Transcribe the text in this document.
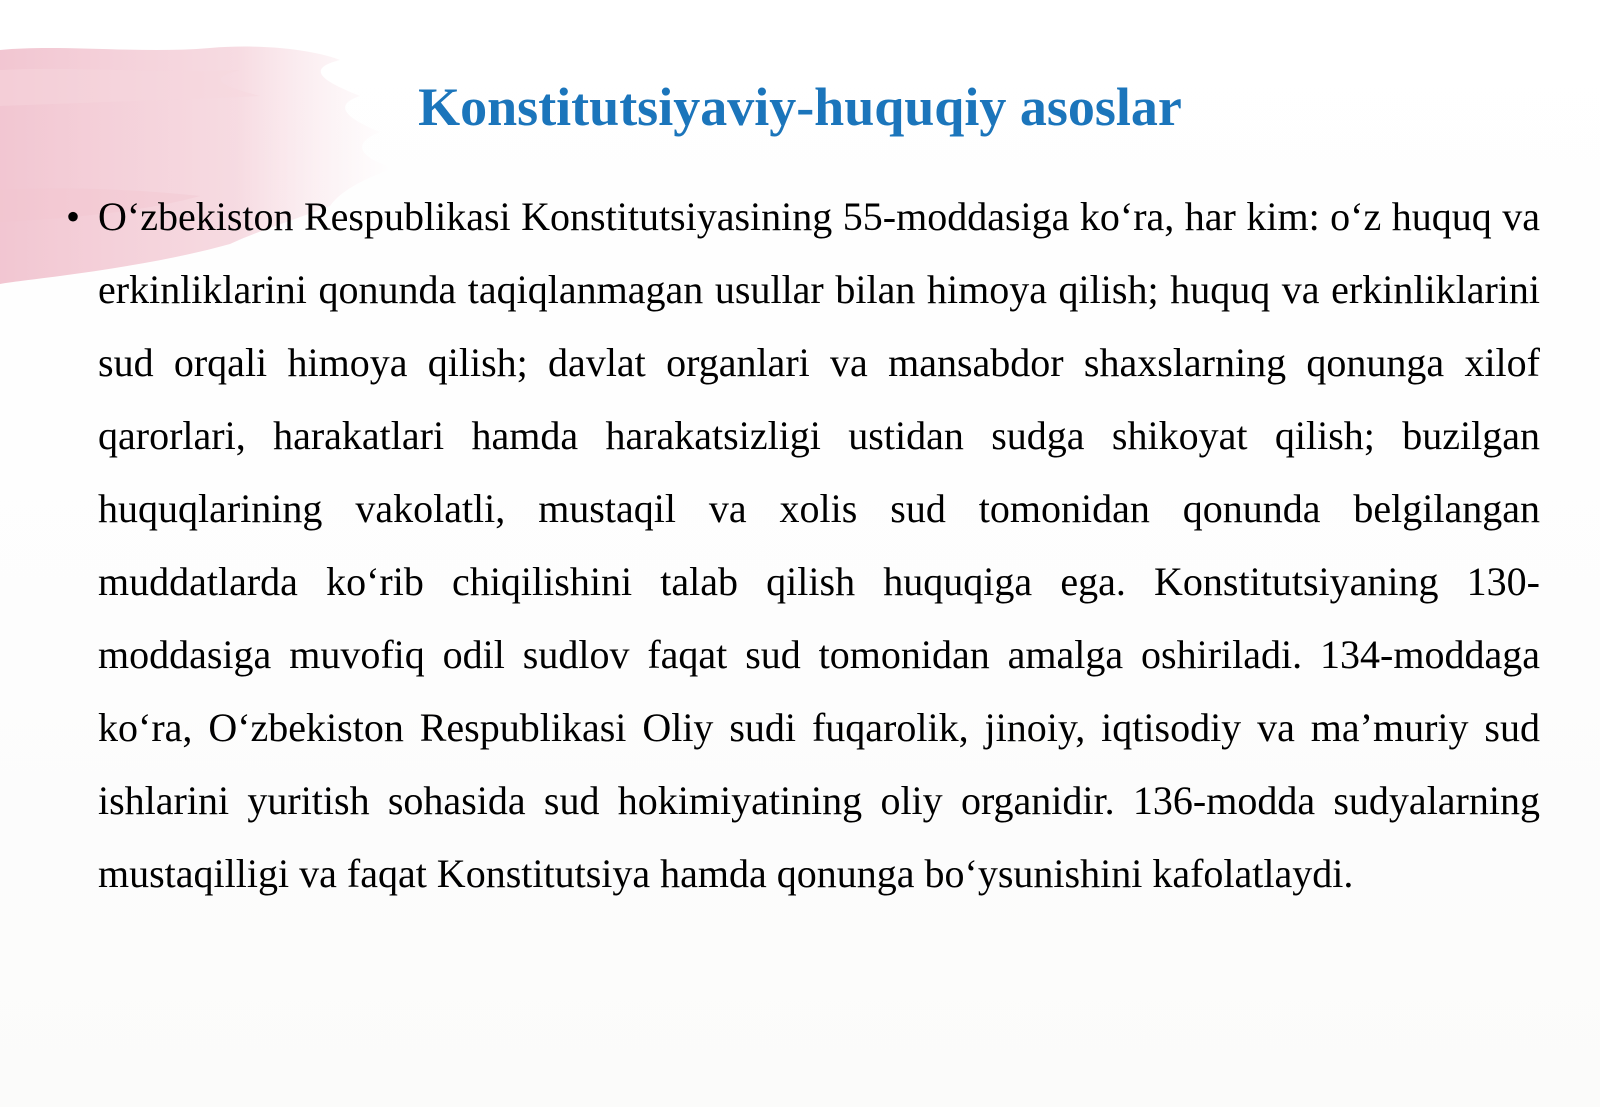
Konstitutsiyaviy-huquqiy asoslar
• O‘zbekiston Respublikasi Konstitutsiyasining 55-moddasiga ko‘ra, har kim: o‘z huquq va erkinliklarini qonunda taqiqlanmagan usullar bilan himoya qilish; huquq va erkinliklarini sud orqali himoya qilish; davlat organlari va mansabdor shaxslarning qonunga xilof qarorlari, harakatlari hamda harakatsizligi ustidan sudga shikoyat qilish; buzilgan huquqlarining vakolatli, mustaqil va xolis sud tomonidan qonunda belgilangan muddatlarda ko‘rib chiqilishini talab qilish huquqiga ega. Konstitutsiyaning 130-moddasiga muvofiq odil sudlov faqat sud tomonidan amalga oshiriladi. 134-moddaga ko‘ra, O‘zbekiston Respublikasi Oliy sudi fuqarolik, jinoiy, iqtisodiy va ma’muriy sud ishlarini yuritish sohasida sud hokimiyatining oliy organidir. 136-modda sudyalarning mustaqilligi va faqat Konstitutsiya hamda qonunga bo‘ysunishini kafolatlaydi.
